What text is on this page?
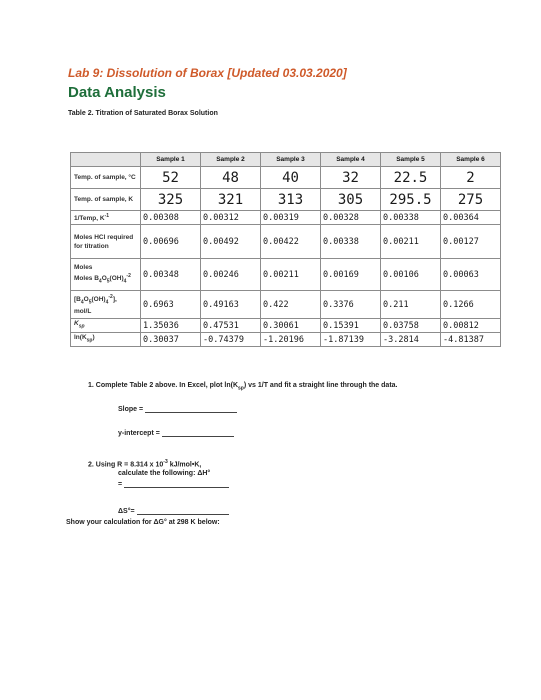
Lab 9: Dissolution of Borax [Updated 03.03.2020]

Data Analysis

Table 2. Titration of Saturated Borax Solution

	Sample 1	Sample 2	Sample 3	Sample 4	Sample 5	Sample 6
Temp. of sample, °C	52	48	40	32	22.5	2
Temp. of sample, K	325	321	313	305	295.5	275
1/Temp, $K^{-1}$	0.00308	0.00312	0.00319	0.00328	0.00338	0.00364
Moles HCl required for titration	0.00696	0.00492	0.00422	0.00338	0.00211	0.00127
Moles
Moles $B_4O_5(OH)_4^{-2}$	0.00348	0.00246	0.00211	0.00169	0.00106	0.00063
$[B_4O_5(OH)_4^{-2}]$,
mol/L	0.6963	0.49163	0.422	0.3376	0.211	0.1266
$K_{sp}$	1.35036	0.47531	0.30061	0.15391	0.03758	0.00812
$\ln(K_{sp})$	0.30037	-0.74379	-1.20196	-1.87139	-3.2814	-4.81387

1. Complete Table 2 above. In Excel, plot $\ln(K_{sp})$ vs 1/T and fit a straight line through the data.

Slope =

y-intercept =

2. Using R = 8.314 x $10^{-3}$ kJ/mol•K,

calculate the following: ΔH°

=

ΔS°=

Show your calculation for ΔG° at 298 K below:
